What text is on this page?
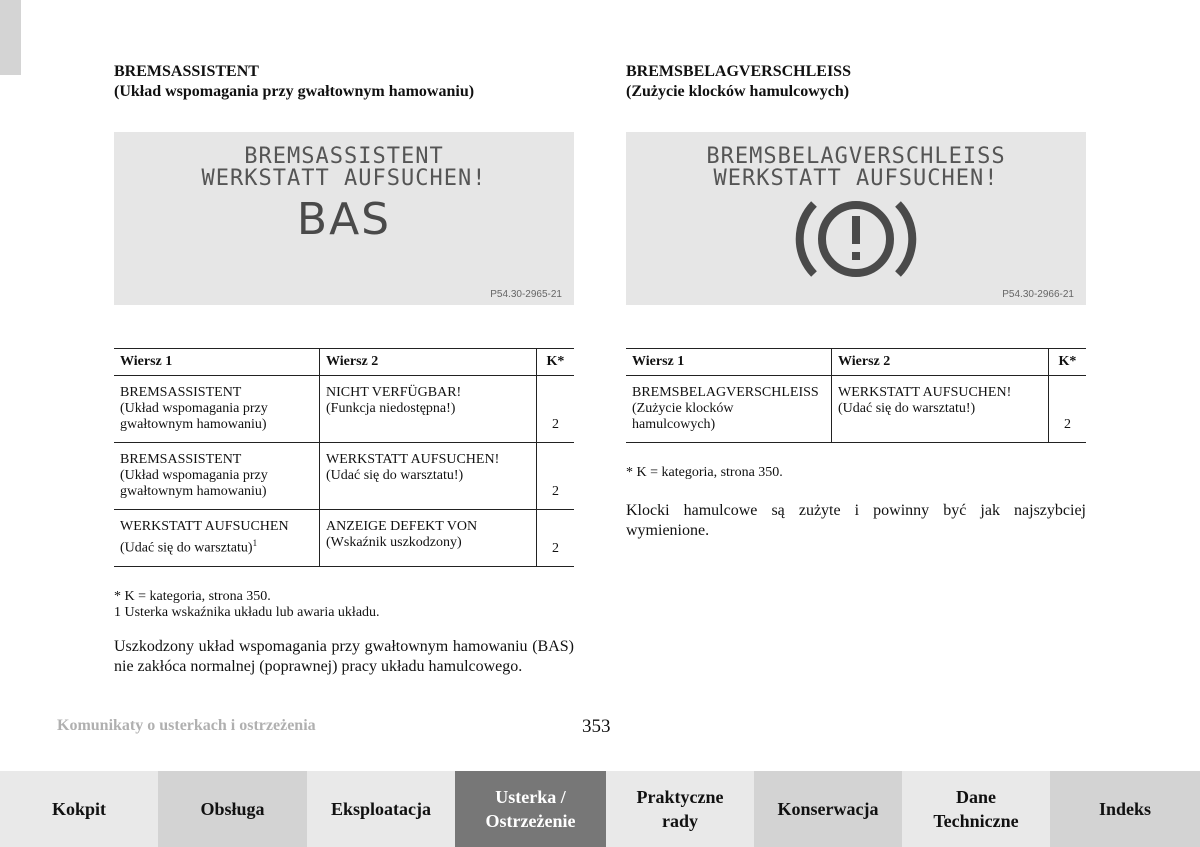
BREMSASSISTENT
(Układ wspomagania przy gwałtownym hamowaniu)

BREMSASSISTENT
WERKSTATT AUFSUCHEN!
BAS
P54.30-2965-21
Wiersz 1	Wiersz 2	K*

BREMSASSISTENT
(Układ wspomagania przy
gwałtownym hamowaniu)	NICHT VERFÜGBAR!
(Funkcja niedostępna!)	2

BREMSASSISTENT
(Układ wspomagania przy
gwałtownym hamowaniu)	WERKSTATT AUFSUCHEN!
(Udać się do warsztatu!)	2

WERKSTATT AUFSUCHEN
(Udać się do warsztatu)$^1$	ANZEIGE DEFEKT VON
(Wskaźnik uszkodzony)	2

* K = kategoria, strona 350.

1 Usterka wskaźnika układu lub awaria układu.

Uszkodzony układ wspomagania przy gwałtownym hamowaniu (BAS) nie zakłóca normalnej (poprawnej) pracy układu hamulcowego.

BREMSBELAGVERSCHLEISS
(Zużycie klocków hamulcowych)

BREMSBELAGVERSCHLEISS
WERKSTATT AUFSUCHEN!
P54.30-2966-21
Wiersz 1	Wiersz 2	K*

BREMSBELAGVERSCHLEISS
(Zużycie klocków
hamulcowych)	WERKSTATT AUFSUCHEN!
(Udać się do warsztatu!)	2

* K = kategoria, strona 350.

Klocki hamulcowe są zużyte i powinny być jak najszybciej wymienione.

Komunikaty o usterkach i ostrzeżenia	353
Kokpit	Obsługa	Eksploatacja
Usterka /
Ostrzeżenie
Praktyczne
rady
Konserwacja
Dane
Techniczne
Indeks
